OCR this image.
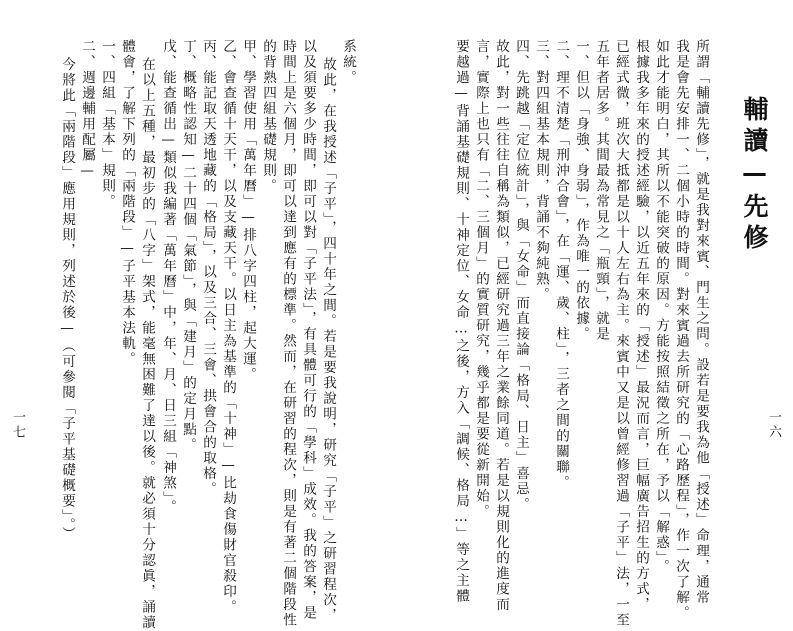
系統。
故此，在我授述「子平」，四十年之間。若是要我說明，研究「子平」之研習程次，
以及須要多少時間，即可以對「子平法」，有具體可行的「學科」成效。我的答案，是
時間上是六個月，即可以達到應有的標準。然而，在研習的程次，則是有著二個階段性
的背熟四組基礎規則。
甲、學習使用「萬年曆」—排八字四柱，起大運。
乙、會查循十天干，以及支藏天干。以日主為基準的「十神」—比劫食傷財官殺印。
丙、能記取天透地藏的「格局」，以及三合、三會、拱會合的取格。
丁、概略性認知—二十四個「氣節」，與「建月」的定月點。
戊、能查循出—類似我編著「萬年曆」中，年、月、日三組「神煞」。
在以上五種，最初步的「八字」架式，能毫無困難了達以後。就必須十分認眞，誦讀
體會，了解下列的「兩階段」—子平基本法軌。
一、四組「基本」規則。
二、週邊輔用配屬—
今將此「兩階段」應用規則，列述於後—（可參閱「子平基礎概要」。）
一七
輔讀—先修
所謂「輔讀先修」，就是我對來賓、門生之問。設若是要我為他「授述」命理，通常
我是會先安排一、二個小時的時間。對來賓過去所研究的「心路歷程」，作一次了解。
如此才能明白，其所以不能突破的原因。方能按照結徵之所在，予以「解惑」。
根據我多年來的授述經驗，以近五年來的「授述」最況而言，巨幅廣告招生的方式，
已經式微，班次大抵都是以十人左右為主。來賓中又是以曾經修習過「子平」法，一至
五年者居多。其間最為常見之「瓶頸」，就是
一、但以「身強、身弱」，作為唯一的依據。
二、理不清楚「刑沖合會」，在「運、歲、柱」，三者之間的關聯。
三、對四組基本規則，背誦不夠純熟。
四、先跳越「定位統計」，與「女命」而直接論「格局、日主」喜忌。
故此，對一些往往自稱為類似，已經研究過三年之業餘同道。若是以規則化的進度而
言，實際上也只有「二、三個月」的實質研究，幾乎都是要從新開始。
要越過—背誦基礎規則、十神定位、女命…之後，方入「調候、格局…」等之主體	一六
